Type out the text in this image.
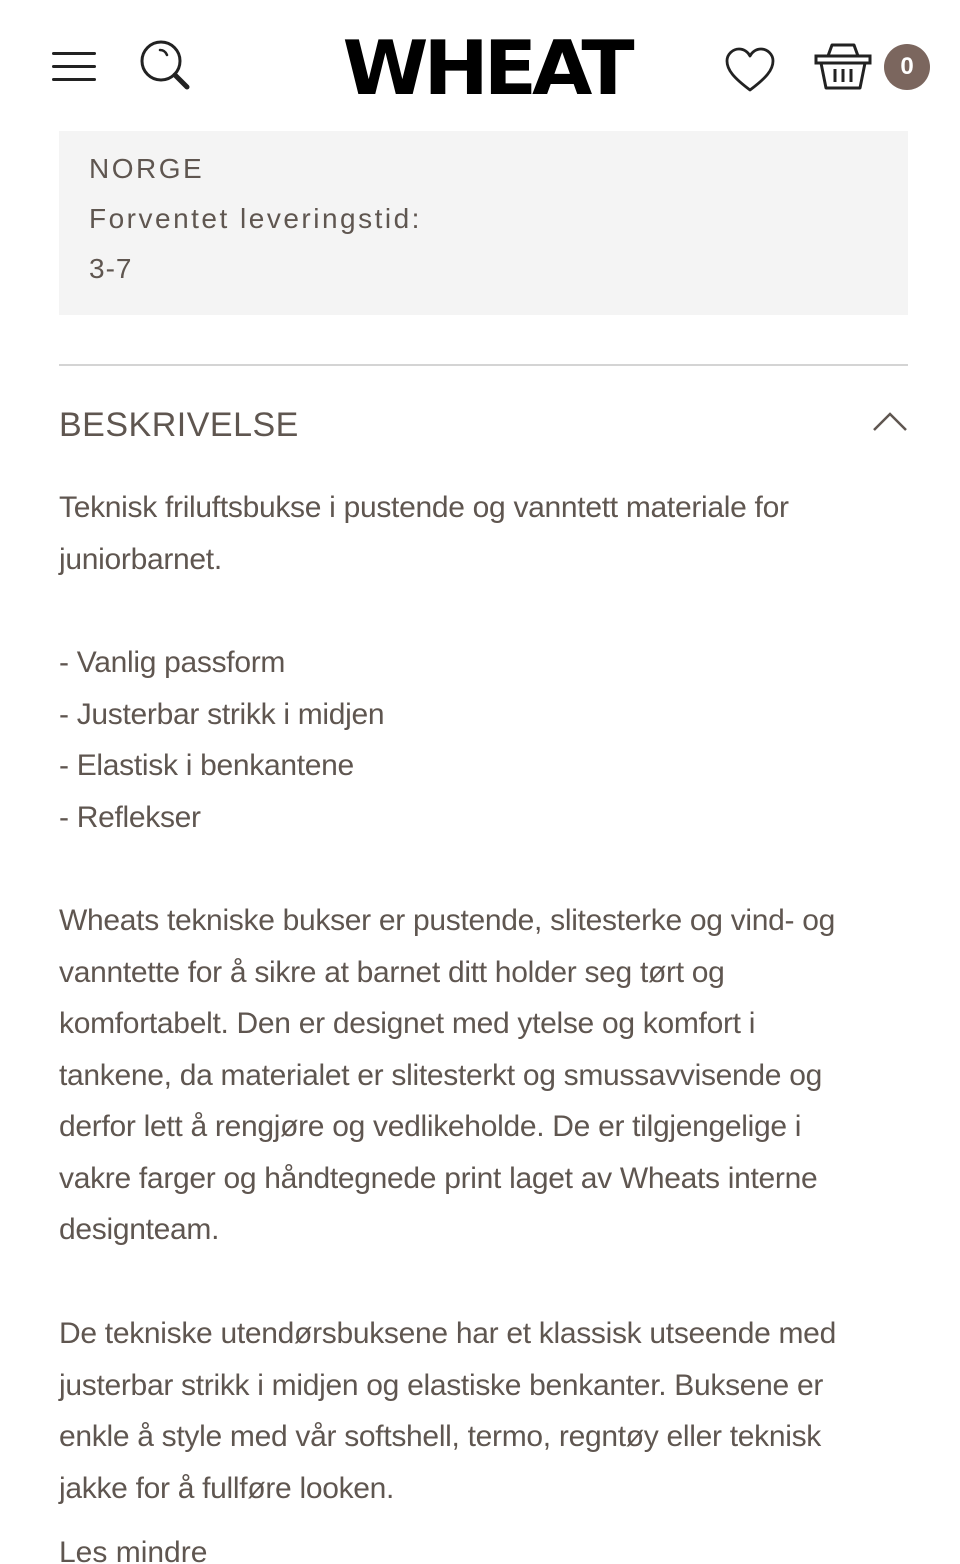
WHEAT	0
NORGE
Forventet leveringstid:
3-7
BESKRIVELSE
Teknisk friluftsbukse i pustende og vanntett materiale for
juniorbarnet.
- Vanlig passform
- Justerbar strikk i midjen
- Elastisk i benkantene
- Reflekser
Wheats tekniske bukser er pustende, slitesterke og vind- og
vanntette for å sikre at barnet ditt holder seg tørt og
komfortabelt. Den er designet med ytelse og komfort i
tankene, da materialet er slitesterkt og smussavvisende og
derfor lett å rengjøre og vedlikeholde. De er tilgjengelige i
vakre farger og håndtegnede print laget av Wheats interne
designteam.
De tekniske utendørsbuksene har et klassisk utseende med
justerbar strikk i midjen og elastiske benkanter. Buksene er
enkle å style med vår softshell, termo, regntøy eller teknisk
jakke for å fullføre looken.
Les mindre
